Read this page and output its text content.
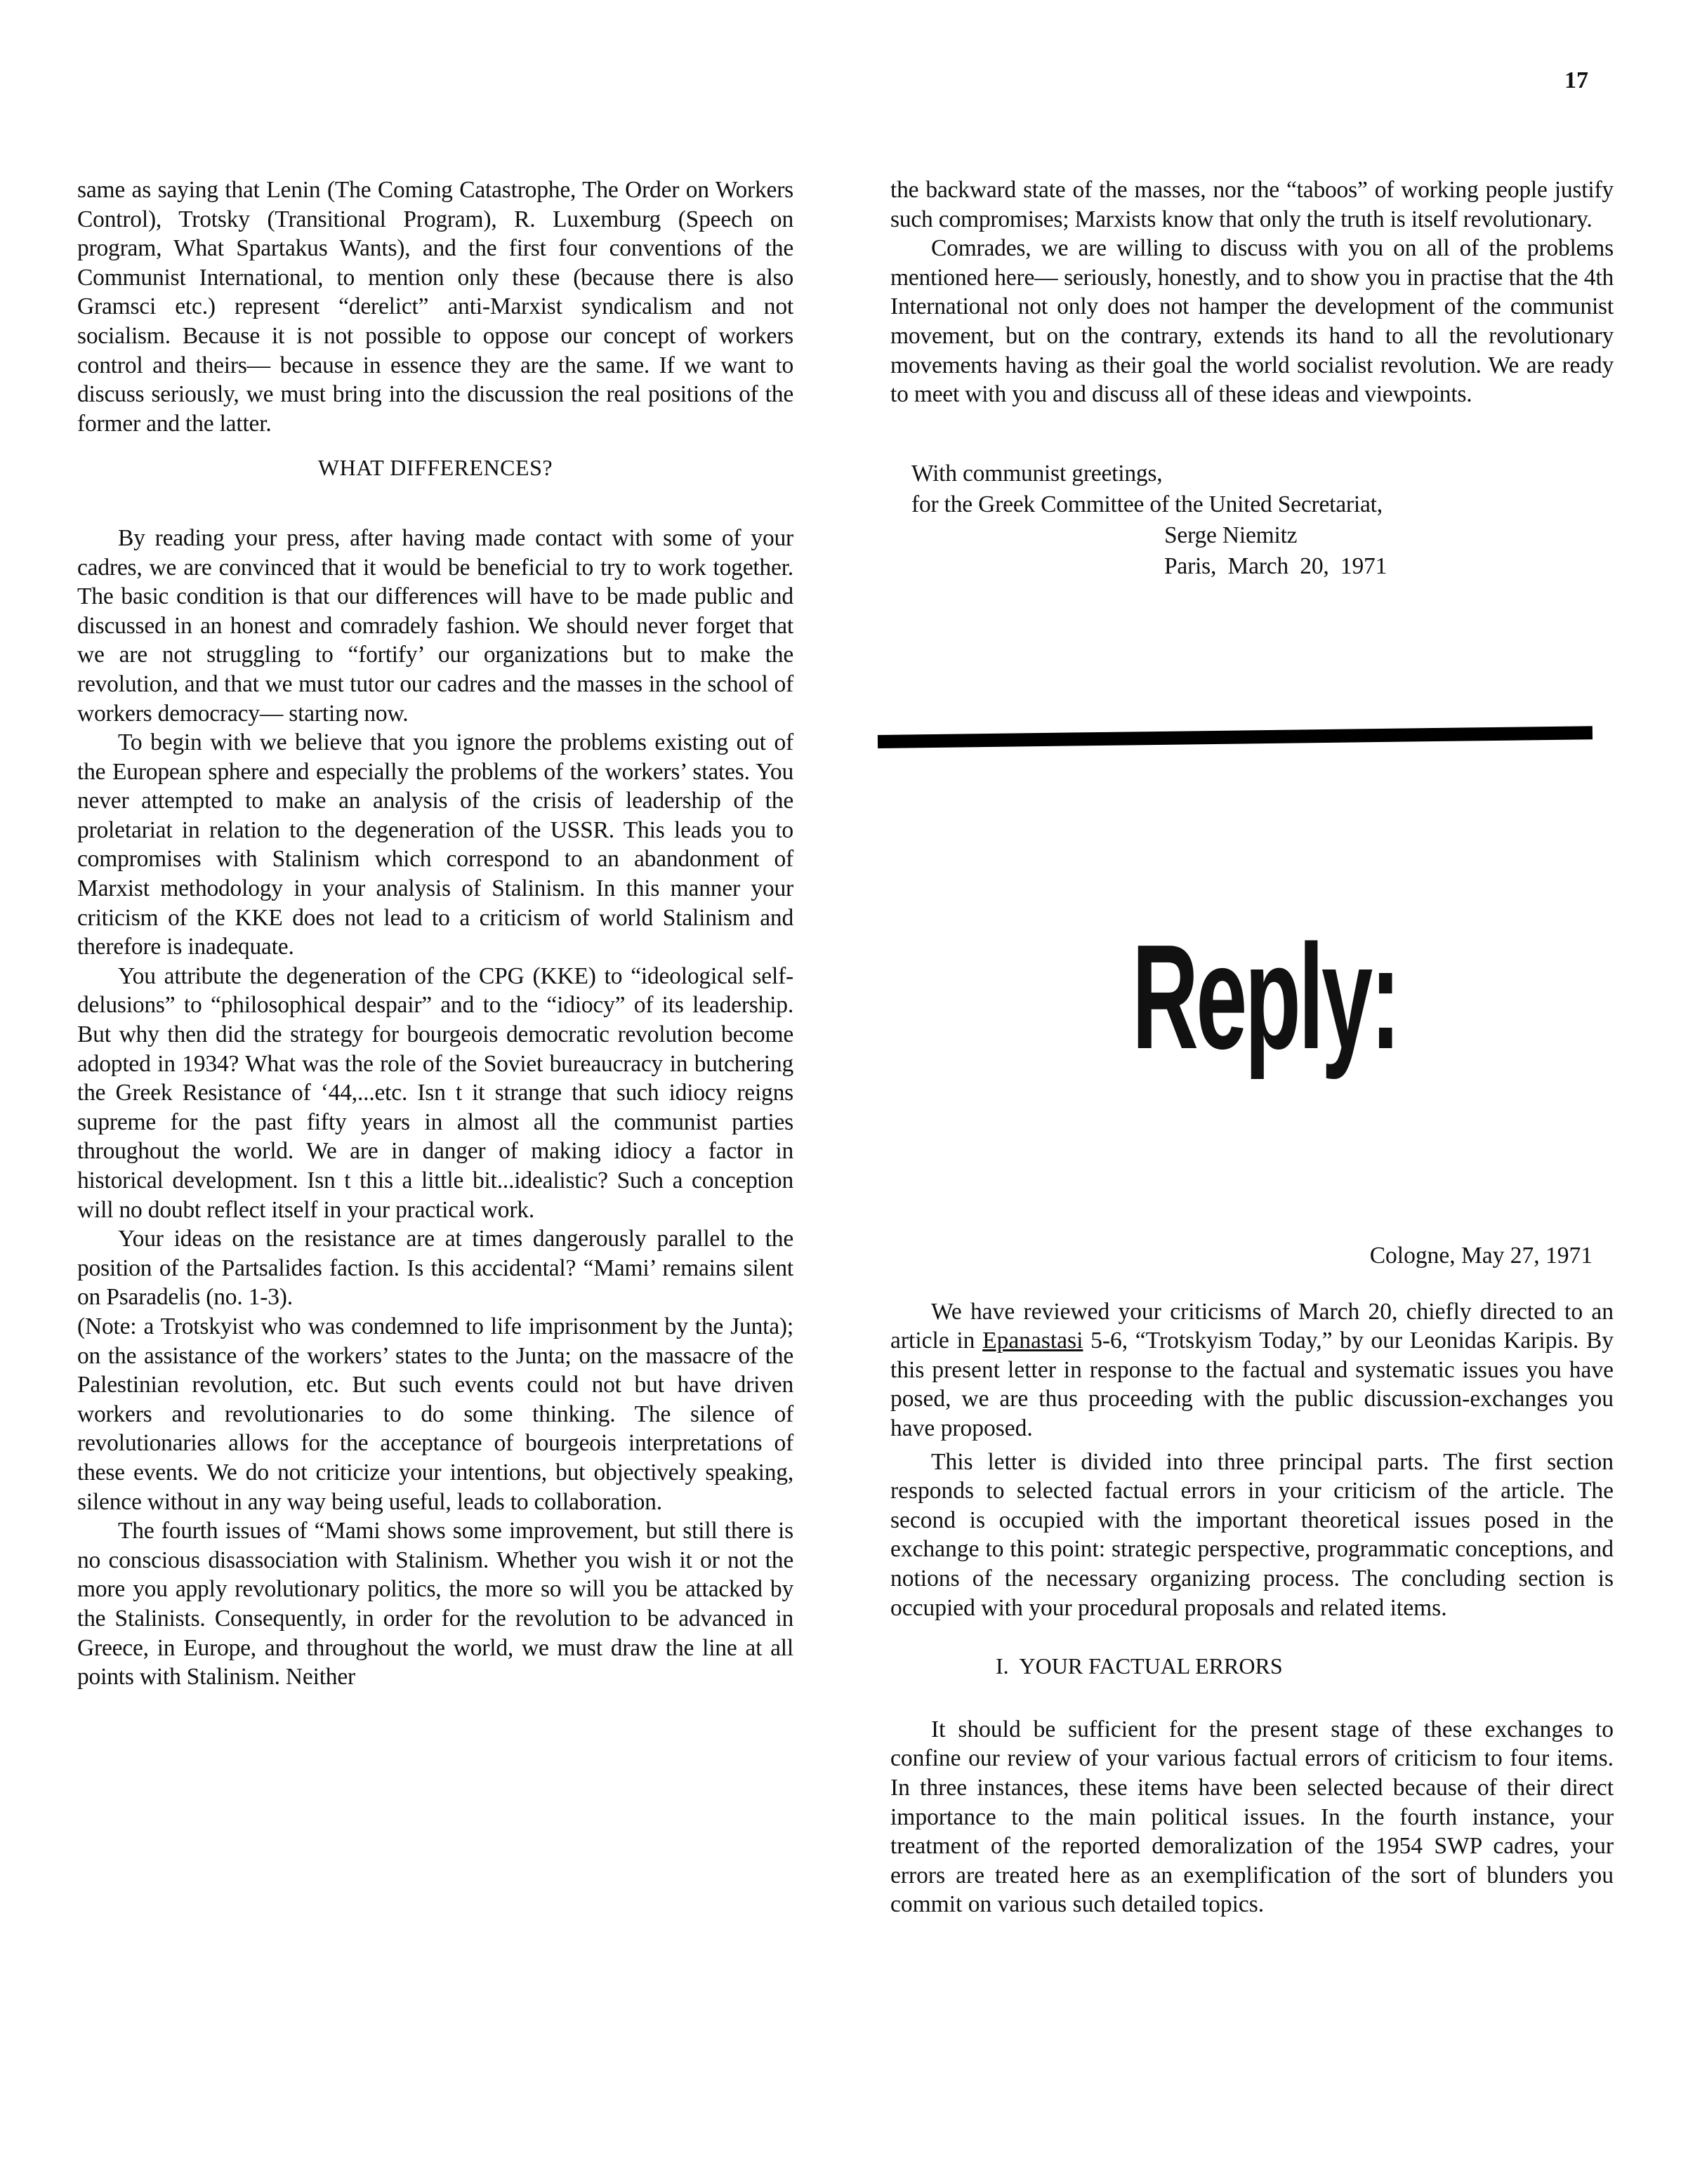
17

same as saying that Lenin (The Coming Catastrophe, The Order on Workers Control), Trotsky (Transitional Program), R. Luxemburg (Speech on program, What Spartakus Wants), and the first four conventions of the Communist International, to mention only these (because there is also Gramsci etc.) represent “derelict” anti-Marxist syndicalism and not socialism. Because it is not possible to oppose our concept of workers control and theirs— because in essence they are the same. If we want to discuss seriously, we must bring into the discussion the real positions of the former and the latter.

WHAT DIFFERENCES?

By reading your press, after having made contact with some of your cadres, we are convinced that it would be beneficial to try to work together. The basic condition is that our differences will have to be made public and discussed in an honest and comradely fashion. We should never forget that we are not struggling to “fortify’ our organizations but to make the revolution, and that we must tutor our cadres and the masses in the school of workers democracy— starting now.

To begin with we believe that you ignore the problems existing out of the European sphere and especially the problems of the workers’ states. You never attempted to make an analysis of the crisis of leadership of the proletariat in relation to the degeneration of the USSR. This leads you to compromises with Stalinism which correspond to an abandonment of Marxist methodology in your analysis of Stalinism. In this manner your criticism of the KKE does not lead to a criticism of world Stalinism and therefore is inadequate.

You attribute the degeneration of the CPG (KKE) to “ideological self-delusions” to “philosophical despair” and to the “idiocy” of its leadership. But why then did the strategy for bourgeois democratic revolution become adopted in 1934? What was the role of the Soviet bureaucracy in butchering the Greek Resistance of ‘44,...etc. Isn t it strange that such idiocy reigns supreme for the past fifty years in almost all the communist parties throughout the world. We are in danger of making idiocy a factor in historical development. Isn t this a little bit...idealistic? Such a conception will no doubt reflect itself in your practical work.

Your ideas on the resistance are at times dangerously parallel to the position of the Partsalides faction. Is this accidental? “Mami’ remains silent on Psaradelis (no. 1-3).

(Note: a Trotskyist who was condemned to life imprisonment by the Junta); on the assistance of the workers’ states to the Junta; on the massacre of the Palestinian revolution, etc. But such events could not but have driven workers and revolutionaries to do some thinking. The silence of revolutionaries allows for the acceptance of bourgeois interpretations of these events. We do not criticize your intentions, but objectively speaking, silence without in any way being useful, leads to collaboration.

The fourth issues of “Mami shows some improvement, but still there is no conscious disassociation with Stalinism. Whether you wish it or not the more you apply revolutionary politics, the more so will you be attacked by the Stalinists. Consequently, in order for the revolution to be advanced in Greece, in Europe, and throughout the world, we must draw the line at all points with Stalinism. Neither

the backward state of the masses, nor the “taboos” of working people justify such compromises; Marxists know that only the truth is itself revolutionary.

Comrades, we are willing to discuss with you on all of the problems mentioned here— seriously, honestly, and to show you in practise that the 4th International not only does not hamper the development of the communist movement, but on the contrary, extends its hand to all the revolutionary movements having as their goal the world socialist revolution. We are ready to meet with you and discuss all of these ideas and viewpoints.

With communist greetings,
for the Greek Committee of the United Secretariat,
Serge Niemitz
Paris,  March  20,  1971
Reply:
Cologne, May 27, 1971

We have reviewed your criticisms of March 20, chiefly directed to an article in Epanastasi 5-6, “Trotskyism Today,” by our Leonidas Karipis. By this present letter in response to the factual and systematic issues you have posed, we are thus proceeding with the public discussion-exchanges you have proposed.

This letter is divided into three principal parts. The first section responds to selected factual errors in your criticism of the article. The second is occupied with the important theoretical issues posed in the exchange to this point: strategic perspective, programmatic conceptions, and notions of the necessary organizing process. The concluding section is occupied with your procedural proposals and related items.

I.  YOUR FACTUAL ERRORS

It should be sufficient for the present stage of these exchanges to confine our review of your various factual errors of criticism to four items. In three instances, these items have been selected because of their direct importance to the main political issues. In the fourth instance, your treatment of the reported demoralization of the 1954 SWP cadres, your errors are treated here as an exemplification of the sort of blunders you commit on various such detailed topics.
